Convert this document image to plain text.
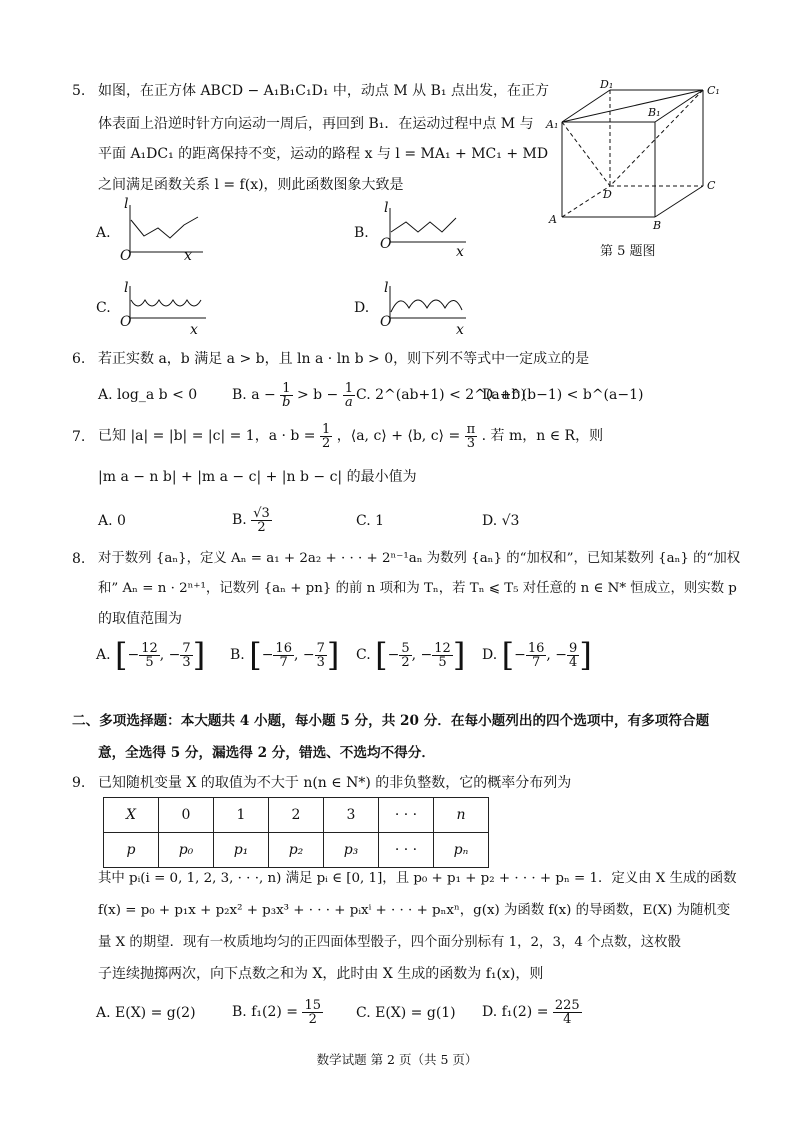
5. 如图，在正方体 ABCD − A₁B₁C₁D₁ 中，动点 M 从 B₁ 点出发，在正方
体表面上沿逆时针方向运动一周后，再回到 B₁．在运动过程中点 M 与
平面 A₁DC₁ 的距离保持不变，运动的路程 x 与 l = MA₁ + MC₁ + MD
之间满足函数关系 l = f(x)，则此函数图象大致是
D₁	C₁
A₁
B₁
D
C
A	B
第 5 题图
A.
l
O	x
B.
l
O	x
C.
l
O	x
D.
l
O	x
6. 若正实数 a，b 满足 a > b，且 ln a · ln b > 0，则下列不等式中一定成立的是
A. log_a b < 0 B. $a - \frac{1}{b} > b - \frac{1}{a} C$. 2^(ab+1) < 2^(a+b)
D. a^(b−1) < b^(a−1)
7. 已知 |a| = |b| = |c| = 1，$a \cdot b = \frac{1}{2}$ ，⟨a, c⟩ + ⟨b, c⟩ = $\frac{\pi}{3}$ . 若 m，n ∈ R，则
|m a − n b| + |m a − c| + |n b − c| 的最小值为
A. 0	B. $\frac{√3}{2}$	C. 1	D. √3
8. 对于数列 {aₙ}，定义 Aₙ = a₁ + 2a₂ + · · · + 2ⁿ⁻¹aₙ 为数列 {aₙ} 的“加权和”，已知某数列 {aₙ} 的“加权
和” Aₙ = n · 2ⁿ⁺¹，记数列 {aₙ + pn} 的前 n 项和为 Tₙ，若 Tₙ ⩽ T₅ 对任意的 n ∈ N* 恒成立，则实数 p
的取值范围为
A. [− $\frac{12}{5}$ , − $\frac{7}{3}$ ] B. [− $\frac{16}{7}$ , − $\frac{7}{3}$ ] C. [− $\frac{5}{2}$ , − $\frac{12}{5}$ ] D. [− $\frac{16}{7}$ , − $\frac{9}{4}$ ]
二、多项选择题：本大题共 4 小题，每小题 5 分，共 20 分．在每小题列出的四个选项中，有多项符合题
意，全选得 5 分，漏选得 2 分，错选、不选均不得分．
9. 已知随机变量 X 的取值为不大于 n(n ∈ N*) 的非负整数，它的概率分布列为
X	0	1	2	3	· · ·	n
p	p₀	p₁	p₂	p₃	· · ·	pₙ
其中 pᵢ(i = 0, 1, 2, 3, · · ·, n) 满足 pᵢ ∈ [0, 1]，且 p₀ + p₁ + p₂ + · · · + pₙ = 1．定义由 X 生成的函数
f(x) = p₀ + p₁x + p₂x² + p₃x³ + · · · + pᵢxⁱ + · · · + pₙxⁿ，g(x) 为函数 f(x) 的导函数，E(X) 为随机变
量 X 的期望．现有一枚质地均匀的正四面体型骰子，四个面分别标有 1，2，3，4 个点数，这枚骰
子连续抛掷两次，向下点数之和为 X，此时由 X 生成的函数为 f₁(x)，则
A. E(X) = g(2)	B. $f_1(2) = \frac{15}{2} C$. E(X) = g(1) D. $f_1(2) = \frac{225}{4}$
数学试题 第 2 页（共 5 页）
